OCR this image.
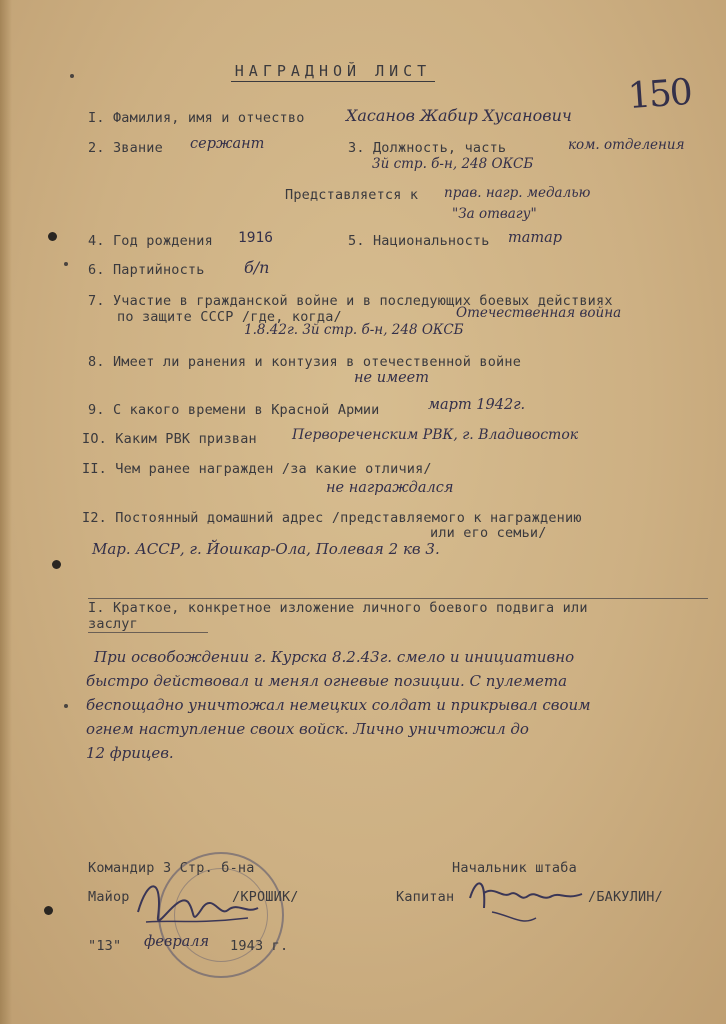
НАГРАДНОЙ ЛИСТ
150
I. Фамилия, имя и отчество	Хасанов Жабир Хусанович
2. Звание сержант	3. Должность, часть	ком. отделения
3й стр. б-н, 248 ОКСБ
Представляется к прав. нагр. медалью
"За отвагу"
4. Год рождения 1916	5. Национальность татар
6. Партийность б/п
7. Участие в гражданской войне и в последующих боевых действиях
по защите СССР /где, когда/	Отечественная война
1.8.42г. 3й стр. б-н, 248 ОКСБ
8. Имеет ли ранения и контузия в отечественной войне
не имеет
9. С какого времени в Красной Армии	март 1942г.
IO. Каким РВК призван	Первореченским РВК, г. Владивосток
II. Чем ранее награжден /за какие отличия/
не награждался
I2. Постоянный домашний адрес /представляемого к награждению
или его семьи/
Мар. АССР, г. Йошкар-Ола, Полевая 2 кв 3.
I. Краткое, конкретное изложение личного боевого подвига или
заслуг
При освобождении г. Курска 8.2.43г. смело и инициативно
быстро действовал и менял огневые позиции. С пулемета
беспощадно уничтожал немецких солдат и прикрывал своим
огнем наступление своих войск. Лично уничтожил до
12 фрицев.
Командир 3 Стр. б-на
Майор	/КРОШИК/
Начальник штаба
Капитан	/БАКУЛИН/
"13" февраля 1943 г.
